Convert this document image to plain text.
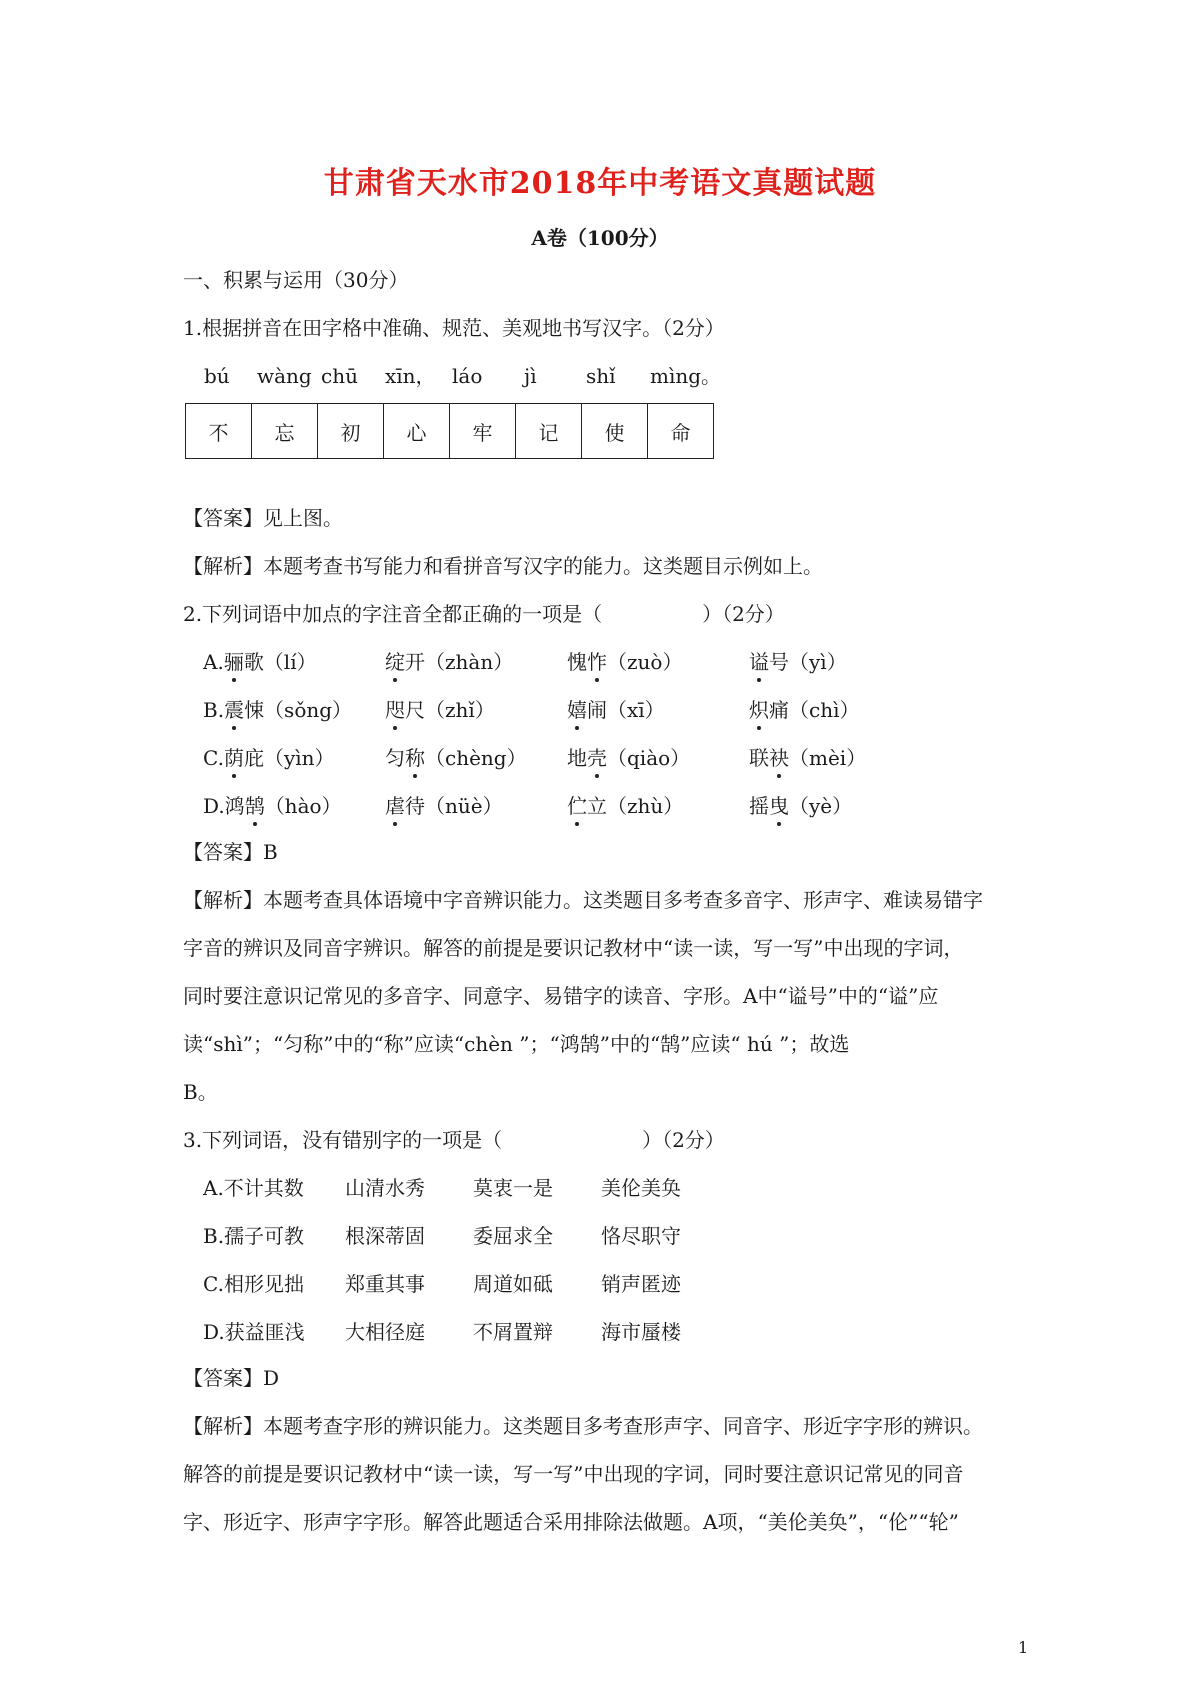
甘肃省天水市2018年中考语文真题试题
A卷（100分）
一、积累与运用（30分）
1.根据拼音在田字格中准确、规范、美观地书写汉字。（2分）
bú wàng chū xīn， láo jì shǐ mìng。
不	忘	初	心	牢	记	使	命
【答案】见上图。
【解析】本题考查书写能力和看拼音写汉字的能力。这类题目示例如上。
2.下列词语中加点的字注音全都正确的一项是（　　　　　）（2分）
A.骊歌（lí）	绽开（zhàn）	愧怍（zuò）	谥号（yì）
B.震悚（sǒng） 咫尺（zhǐ）	嬉闹（xī）	炽痛（chì）
C.荫庇（yìn）	匀称（chèng） 地壳（qiào）	联袂（mèi）
D.鸿鹄（hào） 虐待（nüè）	伫立（zhù）	摇曳（yè）
【答案】B
【解析】本题考查具体语境中字音辨识能力。这类题目多考查多音字、形声字、难读易错字
字音的辨识及同音字辨识。解答的前提是要识记教材中“读一读，写一写”中出现的字词，
同时要注意识记常见的多音字、同意字、易错字的读音、字形。A中“谥号”中的“谥”应
读“shì”；“匀称”中的“称”应读“chèn ”；“鸿鹄”中的“鹄”应读“ hú ”；故选
B。
3.下列词语，没有错别字的一项是（　　　　　　　）（2分）
A.不计其数 山清水秀 莫衷一是 美伦美奂
B.孺子可教 根深蒂固 委屈求全 恪尽职守
C.相形见拙 郑重其事 周道如砥 销声匿迹
D.获益匪浅 大相径庭 不屑置辩 海市蜃楼
【答案】D
【解析】本题考查字形的辨识能力。这类题目多考查形声字、同音字、形近字字形的辨识。
解答的前提是要识记教材中“读一读，写一写”中出现的字词，同时要注意识记常见的同音
字、形近字、形声字字形。解答此题适合采用排除法做题。A项，“美伦美奂”，“伦”“轮”
1
